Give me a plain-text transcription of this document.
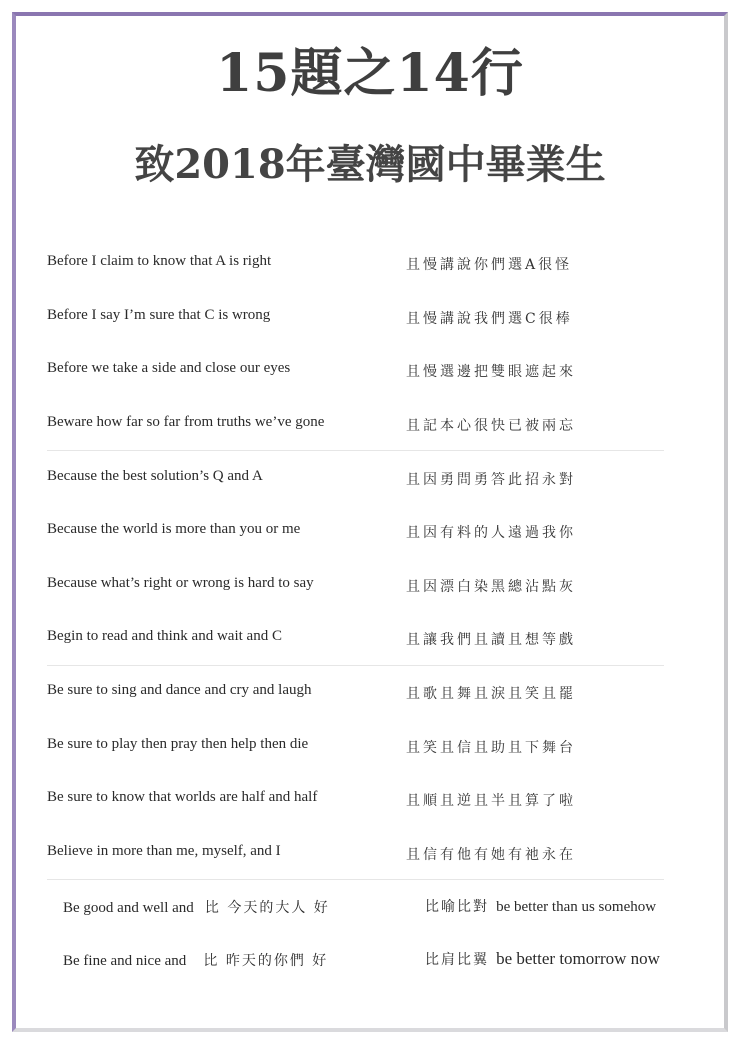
15題之14行
致2018年臺灣國中畢業生
Before I claim to know that A is right	且慢講說你們選A很怪
Before I say I’m sure that C is wrong	且慢講說我們選C很棒
Before we take a side and close our eyes	且慢選邊把雙眼遮起來
Beware how far so far from truths we’ve gone	且記本心很快已被兩忘
Because the best solution’s Q and A	且因勇問勇答此招永對
Because the world is more than you or me	且因有料的人遠過我你
Because what’s right or wrong is hard to say	且因漂白染黑總沾點灰
Begin to read and think and wait and C	且讓我們且讀且想等戲
Be sure to sing and dance and cry and laugh	且歌且舞且淚且笑且罷
Be sure to play then pray then help then die	且笑且信且助且下舞台
Be sure to know that worlds are half and half	且順且逆且半且算了啦
Believe in more than me, myself, and I	且信有他有她有祂永在
Be good and well and 比 今天的大人 好	比喻比對 be better than us somehow
Be fine and nice and 比 昨天的你們 好	比肩比翼 be better tomorrow now
